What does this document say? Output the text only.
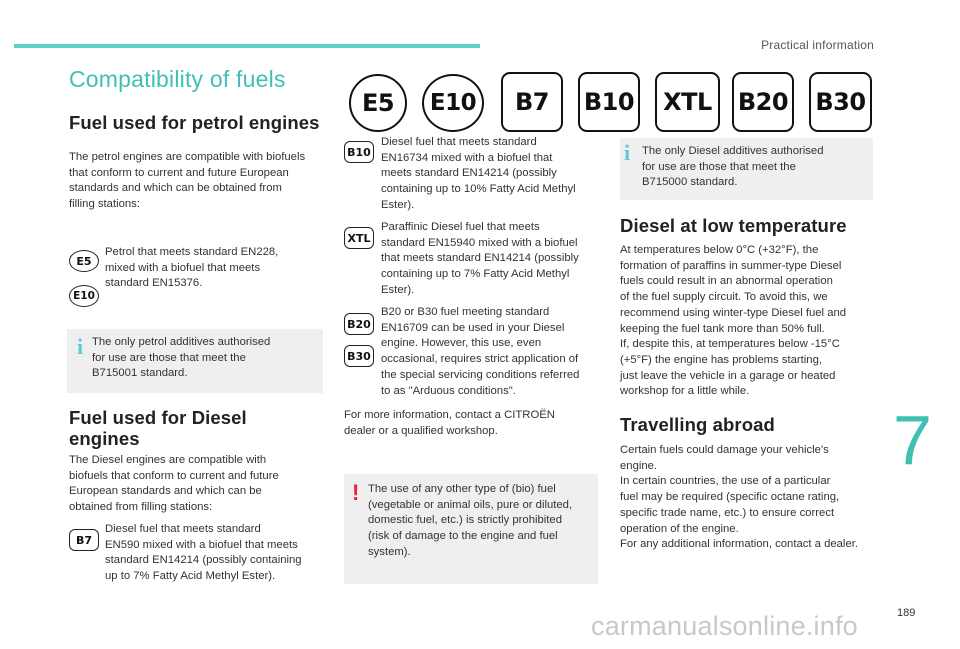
Practical information
Compatibility of fuels
E5	E10	B7	B10	XTL	B20 B30
Fuel used for petrol engines
The petrol engines are compatible with biofuels
that conform to current and future European
standards and which can be obtained from
filling stations:
E5
E10
Petrol that meets standard EN228,
mixed with a biofuel that meets
standard EN15376.
i The only petrol additives authorised
for use are those that meet the
B715001 standard.
Fuel used for Diesel
engines
The Diesel engines are compatible with
biofuels that conform to current and future
European standards and which can be
obtained from filling stations:
B7
Diesel fuel that meets standard
EN590 mixed with a biofuel that meets
standard EN14214 (possibly containing
up to 7% Fatty Acid Methyl Ester).
B10
Diesel fuel that meets standard
EN16734 mixed with a biofuel that
meets standard EN14214 (possibly
containing up to 10% Fatty Acid Methyl
Ester).
XTL
Paraffinic Diesel fuel that meets
standard EN15940 mixed with a biofuel
that meets standard EN14214 (possibly
containing up to 7% Fatty Acid Methyl
Ester).
B20
B30
B20 or B30 fuel meeting standard
EN16709 can be used in your Diesel
engine. However, this use, even
occasional, requires strict application of
the special servicing conditions referred
to as "Arduous conditions".
For more information, contact a CITROËN
dealer or a qualified workshop.
! The use of any other type of (bio) fuel
(vegetable or animal oils, pure or diluted,
domestic fuel, etc.) is strictly prohibited
(risk of damage to the engine and fuel
system).
i The only Diesel additives authorised
for use are those that meet the
B715000 standard.
Diesel at low temperature
At temperatures below 0°C (+32°F), the
formation of paraffins in summer-type Diesel
fuels could result in an abnormal operation
of the fuel supply circuit. To avoid this, we
recommend using winter-type Diesel fuel and
keeping the fuel tank more than 50% full.
If, despite this, at temperatures below -15°C
(+5°F) the engine has problems starting,
just leave the vehicle in a garage or heated
workshop for a little while.
Travelling abroad
Certain fuels could damage your vehicle's
engine.
In certain countries, the use of a particular
fuel may be required (specific octane rating,
specific trade name, etc.) to ensure correct
operation of the engine.
For any additional information, contact a dealer.
7
189
carmanualsonline.info
